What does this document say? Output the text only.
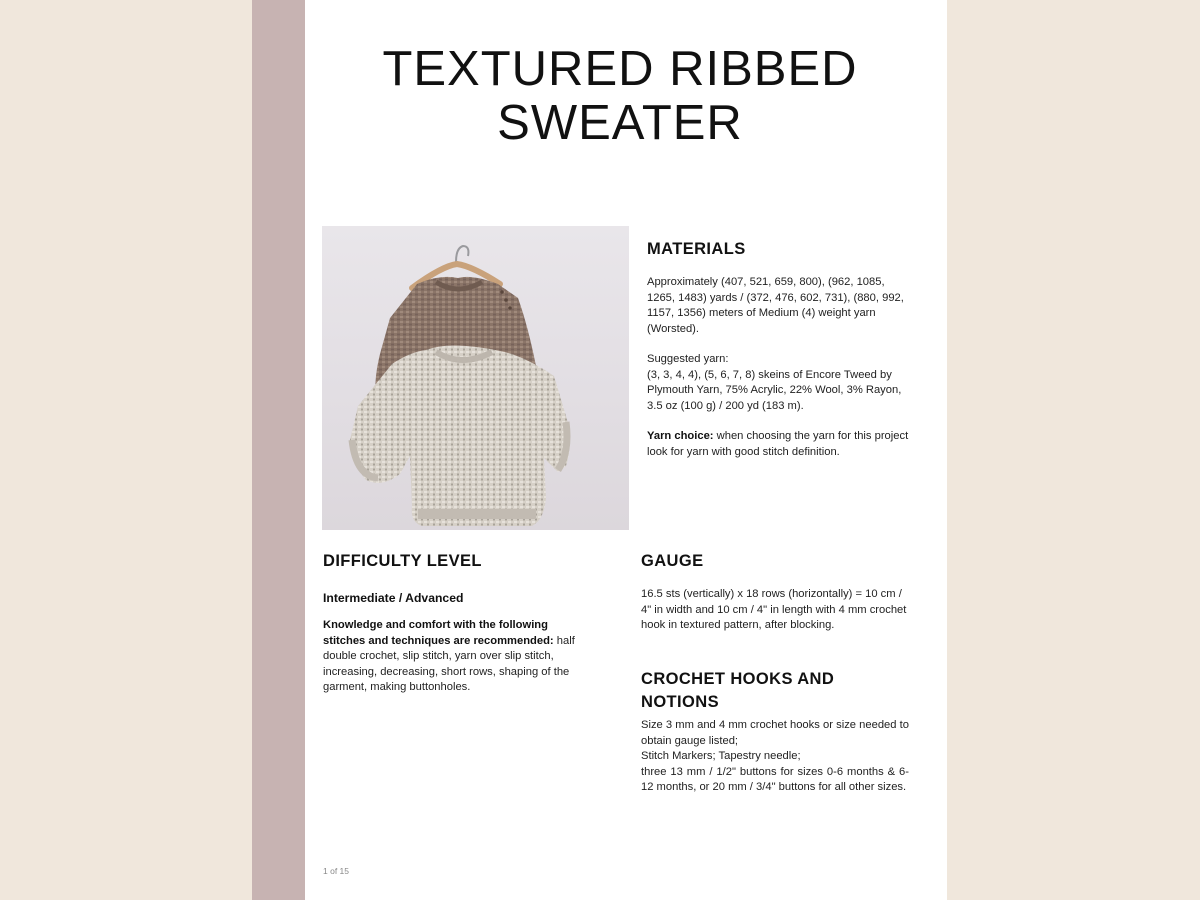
TEXTURED RIBBED
SWEATER
MATERIALS

Approximately (407, 521, 659, 800), (962, 1085, 1265, 1483) yards / (372, 476, 602, 731), (880, 992, 1157, 1356) meters of Medium (4) weight yarn (Worsted).

Suggested yarn:
(3, 3, 4, 4), (5, 6, 7, 8) skeins of Encore Tweed by Plymouth Yarn, 75% Acrylic, 22% Wool, 3% Rayon, 3.5 oz (100 g) / 200 yd (183 m).

Yarn choice: when choosing the yarn for this project look for yarn with good stitch definition.

DIFFICULTY LEVEL

Intermediate / Advanced

Knowledge and comfort with the following stitches and techniques are recommended: half double crochet, slip stitch, yarn over slip stitch, increasing, decreasing, short rows, shaping of the garment, making buttonholes.

GAUGE

16.5 sts (vertically) x 18 rows (horizontally) = 10 cm / 4" in width and 10 cm / 4" in length with 4 mm crochet hook in textured pattern, after blocking.

CROCHET HOOKS AND NOTIONS

Size 3 mm and 4 mm crochet hooks or size needed to obtain gauge listed;
Stitch Markers; Tapestry needle;
three 13 mm / 1/2" buttons for sizes 0-6 months & 6-12 months, or 20 mm / 3/4" buttons for all other sizes.

1 of 15
